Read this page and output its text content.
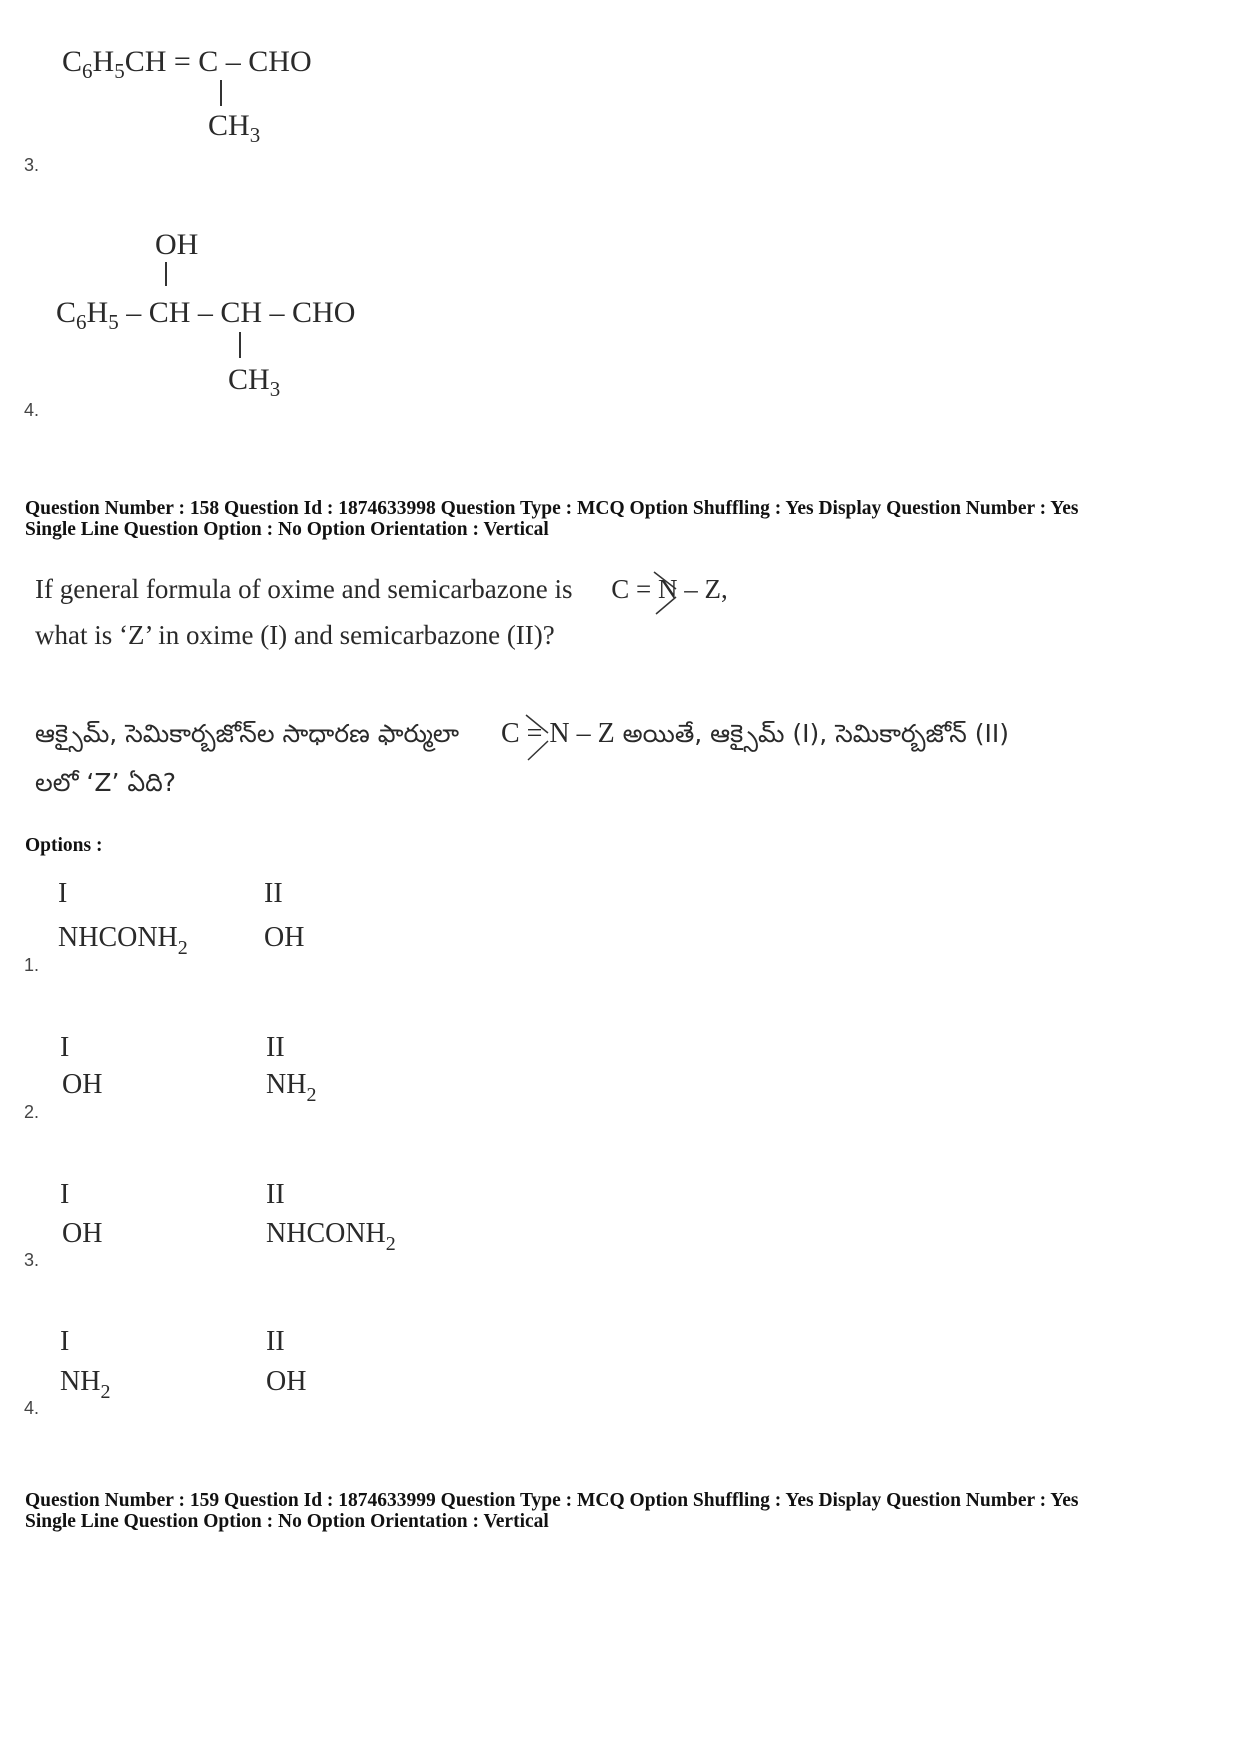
$C_6H_5CH = C$ – CHO
$CH_3$
3.
OH
$C_6H_5$ – CH – CH – CHO
$CH_3$
4.
Question Number : 158 Question Id : 1874633998 Question Type : MCQ Option Shuffling : Yes Display Question Number : Yes
Single Line Question Option : No Option Orientation : Vertical
If general formula of oxime and semicarbazone is C = N – Z,
what is ‘Z’ in oxime (I) and semicarbazone (II)?
ఆక్సైమ్, సెమికార్బజోన్‌ల సాధారణ ఫార్ములా C = N – Z అయితే, ఆక్సైమ్ (I), సెమికార్బజోన్ (II)
లలో ‘Z’ ఏది?
Options :
I	II
$NHCONH_2$	OH
1.
I	II
OH	$NH_2$
2.
I	II
OH	$NHCONH_2$
3.
I	II
$NH_2$	OH
4.
Question Number : 159 Question Id : 1874633999 Question Type : MCQ Option Shuffling : Yes Display Question Number : Yes
Single Line Question Option : No Option Orientation : Vertical
